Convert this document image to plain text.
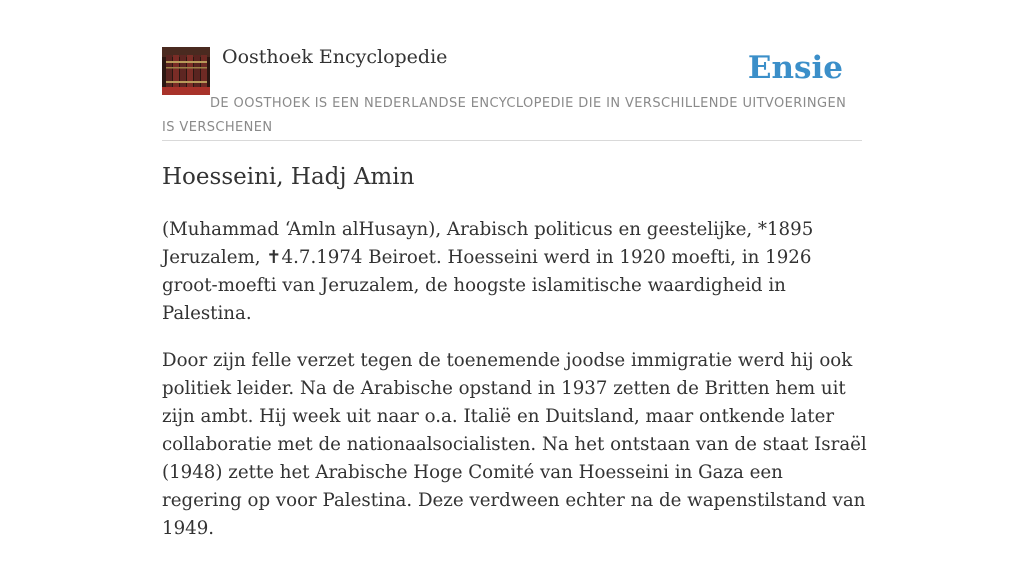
Oosthoek Encyclopedie	Ensie
DE OOSTHOEK IS EEN NEDERLANDSE ENCYCLOPEDIE DIE IN VERSCHILLENDE UITVOERINGEN IS VERSCHENEN
Hoesseini, Hadj Amin

(Muhammad ʻAmln alHusayn), Arabisch politicus en geestelijke, *1895 Jeruzalem, ✝4.7.1974 Beiroet. Hoesseini werd in 1920 moefti, in 1926 groot-moefti van Jeruzalem, de hoogste islamitische waardigheid in Palestina.

Door zijn felle verzet tegen de toenemende joodse immigratie werd hij ook politiek leider. Na de Arabische opstand in 1937 zetten de Britten hem uit zijn ambt. Hij week uit naar o.a. Italië en Duitsland, maar ontkende later collaboratie met de nationaalsocialisten. Na het ontstaan van de staat Israël (1948) zette het Arabische Hoge Comité van Hoesseini in Gaza een regering op voor Palestina. Deze verdween echter na de wapenstilstand van 1949.
